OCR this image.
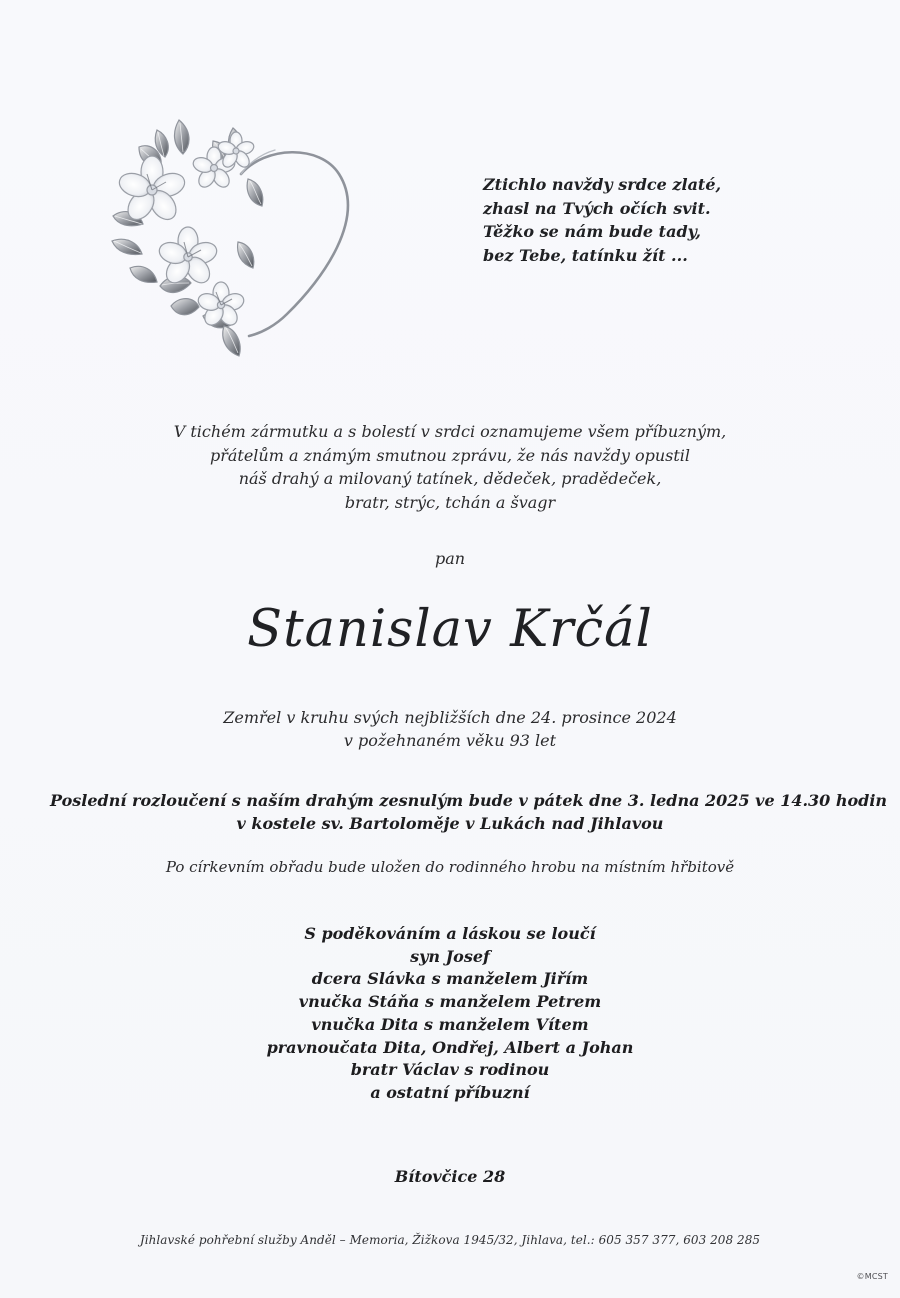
Ztichlo navždy srdce zlaté,
zhasl na Tvých očích svit.
Těžko se nám bude tady,
bez Tebe, tatínku žít ...
V tichém zármutku a s bolestí v srdci oznamujeme všem příbuzným,
přátelům a známým smutnou zprávu, že nás navždy opustil
náš drahý a milovaný tatínek, dědeček, pradědeček,
bratr, strýc, tchán a švagr
pan
Stanislav Krčál
Zemřel v kruhu svých nejbližších dne 24. prosince 2024
v požehnaném věku 93 let
Poslední rozloučení s naším drahým zesnulým bude v pátek dne 3. ledna 2025 ve 14.30 hodin
v kostele sv. Bartoloměje v Lukách nad Jihlavou
Po církevním obřadu bude uložen do rodinného hrobu na místním hřbitově
S poděkováním a láskou se loučí
syn Josef
dcera Slávka s manželem Jiřím
vnučka Stáňa s manželem Petrem
vnučka Dita s manželem Vítem
pravnoučata Dita, Ondřej, Albert a Johan
bratr Václav s rodinou
a ostatní příbuzní
Bítovčice 28
Jihlavské pohřební služby Anděl – Memoria, Žižkova 1945/32, Jihlava, tel.: 605 357 377, 603 208 285
©MCST
